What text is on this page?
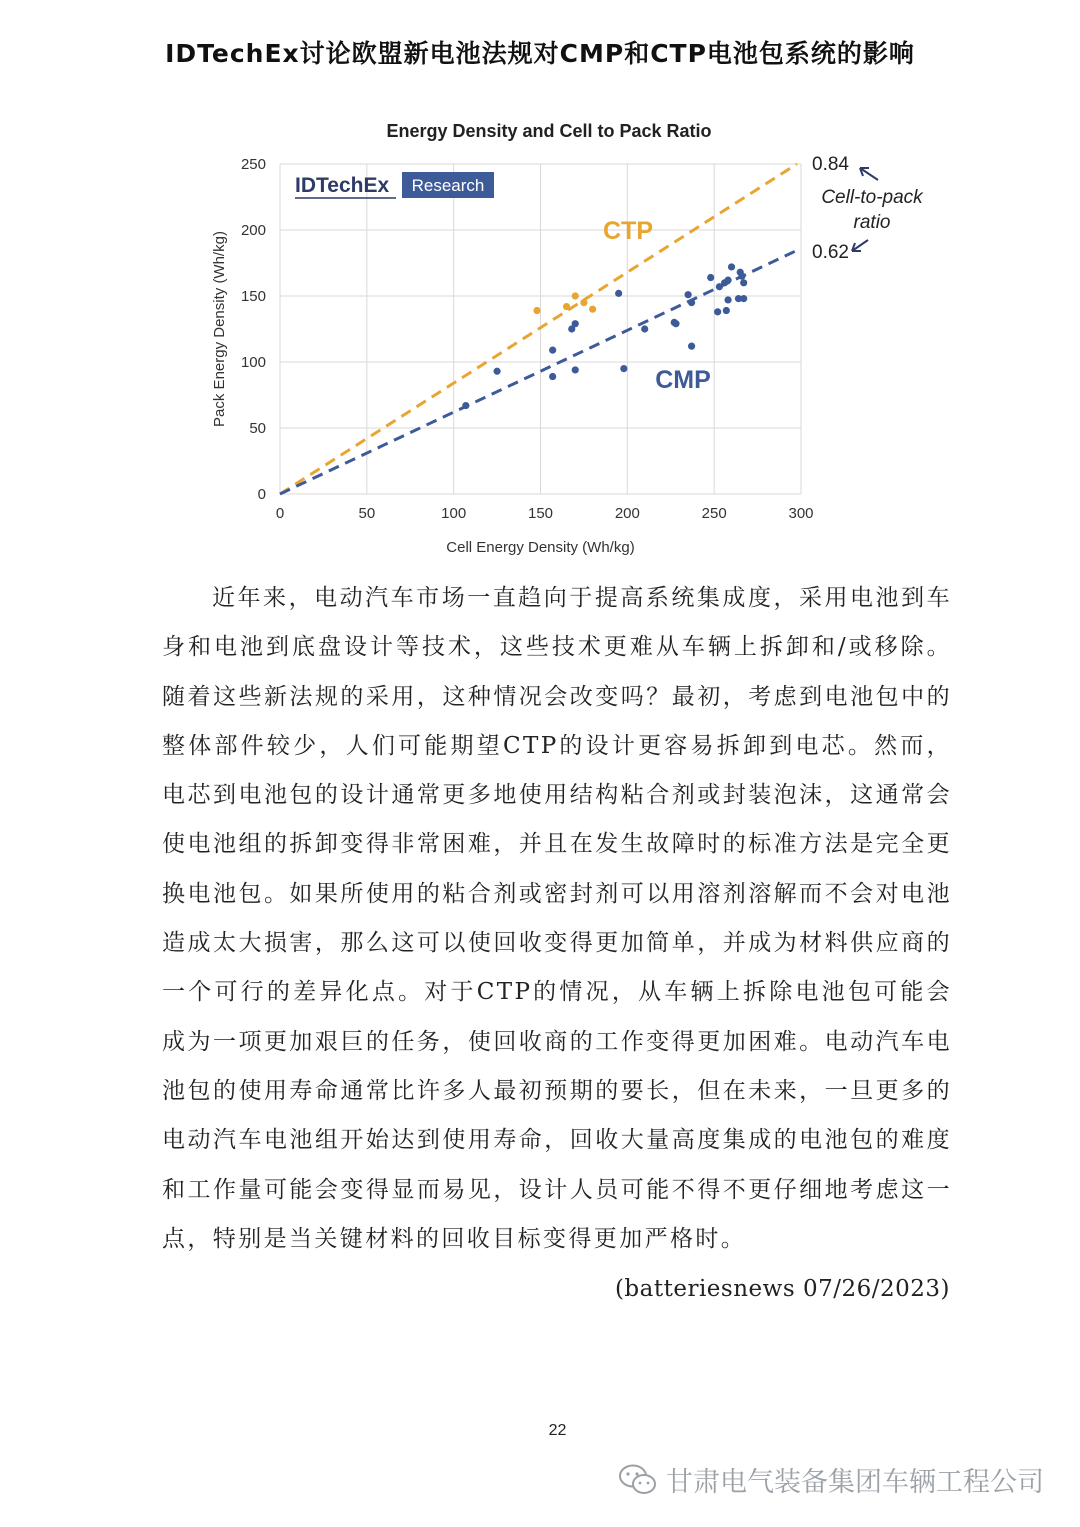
IDTechEx讨论欧盟新电池法规对CMP和CTP电池包系统的影响
Energy Density and Cell to Pack Ratio
0	50	100	150	200	250	300
0
50
100
150
200
250
Cell Energy Density (Wh/kg)
Pack Energy Density (Wh/kg)
IDTechEx Research
CTP
CMP
0.84
0.62
Cell-to-pack
ratio

近年来，电动汽车市场一直趋向于提高系统集成度，采用电池到车身和电池到底盘设计等技术，这些技术更难从车辆上拆卸和/或移除。随着这些新法规的采用，这种情况会改变吗？最初，考虑到电池包中的整体部件较少，人们可能期望CTP的设计更容易拆卸到电芯。然而，电芯到电池包的设计通常更多地使用结构粘合剂或封装泡沫，这通常会使电池组的拆卸变得非常困难，并且在发生故障时的标准方法是完全更换电池包。如果所使用的粘合剂或密封剂可以用溶剂溶解而不会对电池造成太大损害，那么这可以使回收变得更加简单，并成为材料供应商的一个可行的差异化点。对于CTP的情况，从车辆上拆除电池包可能会成为一项更加艰巨的任务，使回收商的工作变得更加困难。电动汽车电池包的使用寿命通常比许多人最初预期的要长，但在未来，一旦更多的电动汽车电池组开始达到使用寿命，回收大量高度集成的电池包的难度和工作量可能会变得显而易见，设计人员可能不得不更仔细地考虑这一点，特别是当关键材料的回收目标变得更加严格时。

(batteriesnews 07/26/2023)
22
甘肃电气装备集团车辆工程公司
